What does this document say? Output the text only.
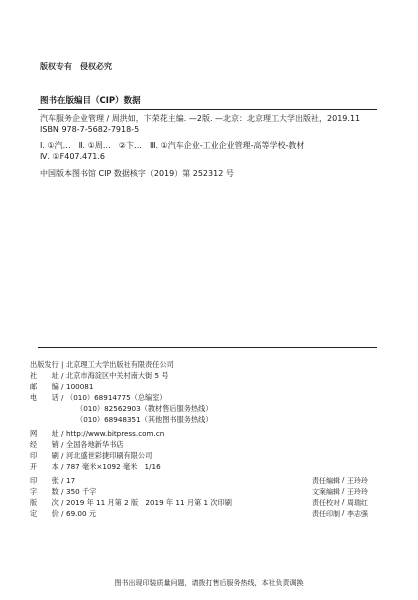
版权专有　侵权必究
图书在版编目（CIP）数据
汽车服务企业管理 / 周洪如，卞荣花主编. —2版. —北京：北京理工大学出版社，2019.11
ISBN 978-7-5682-7918-5
Ⅰ. ①汽…　Ⅱ. ①周…　②卞…　Ⅲ. ①汽车企业-工业企业管理-高等学校-教材
Ⅳ. ①F407.471.6
中国版本图书馆 CIP 数据核字（2019）第 252312 号
出版发行 | 北京理工大学出版社有限责任公司
社　　址 / 北京市海淀区中关村南大街 5 号
邮　　编 / 100081
电　　话 / （010）68914775（总编室）
（010）82562903（教材售后服务热线）
（010）68948351（其他图书服务热线）
网　　址 / http://www.bitpress.com.cn
经　　销 / 全国各地新华书店
印　　刷 / 河北盛世彩捷印刷有限公司
开　　本 / 787 毫米×1092 毫米　1/16
印　　张 / 17
字　　数 / 350 千字
版　　次 / 2019 年 11 月第 2 版　2019 年 11 月第 1 次印刷
定　　价 / 69.00 元
责任编辑 / 王玲玲
文案编辑 / 王玲玲
责任校对 / 周瑞红
责任印制 / 李志强
图书出现印装质量问题，请拨打售后服务热线，本社负责调换
